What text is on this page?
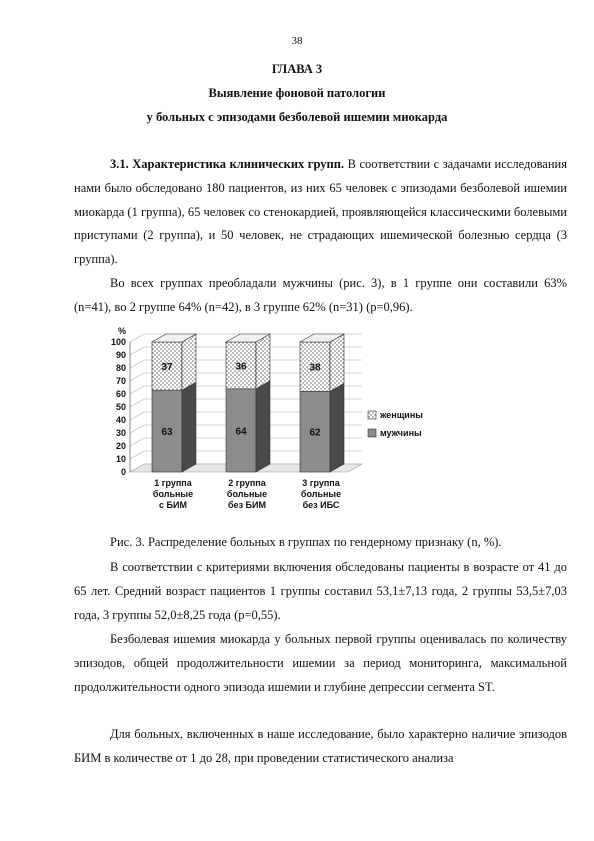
38
ГЛАВА 3
Выявление фоновой патологии
у больных с эпизодами безболевой ишемии миокарда

3.1. Характеристика клинических групп. В соответствии с задачами исследования нами было обследовано 180 пациентов, из них 65 человек с эпизодами безболевой ишемии миокарда (1 группа), 65 человек со стенокардией, проявляющейся классическими болевыми приступами (2 группа), и 50 человек, не страдающих ишемической болезнью сердца (3 группа).

Во всех группах преобладали мужчины (рис. 3), в 1 группе они составили 63% (n=41), во 2 группе 64% (n=42), в 3 группе 62% (n=31) (p=0,96).

0
10
20
30
40
50
60
70
80
90
100
%
63
37
1 группа
больные
с БИМ
64
36
2 группа
больные
без БИМ
62
38
3 группа
больные
без ИБС
женщины
мужчины
Рис. 3. Распределение больных в группах по гендерному признаку (n, %).

В соответствии с критериями включения обследованы пациенты в возрасте от 41 до 65 лет. Средний возраст пациентов 1 группы составил 53,1±7,13 года, 2 группы 53,5±7,03 года, 3 группы 52,0±8,25 года (p=0,55).

Безболевая ишемия миокарда у больных первой группы оценивалась по количеству эпизодов, общей продолжительности ишемии за период мониторинга, максимальной продолжительности одного эпизода ишемии и глубине депрессии сегмента ST.

Для больных, включенных в наше исследование, было характерно наличие эпизодов БИМ в количестве от 1 до 28, при проведении статистического анализа
